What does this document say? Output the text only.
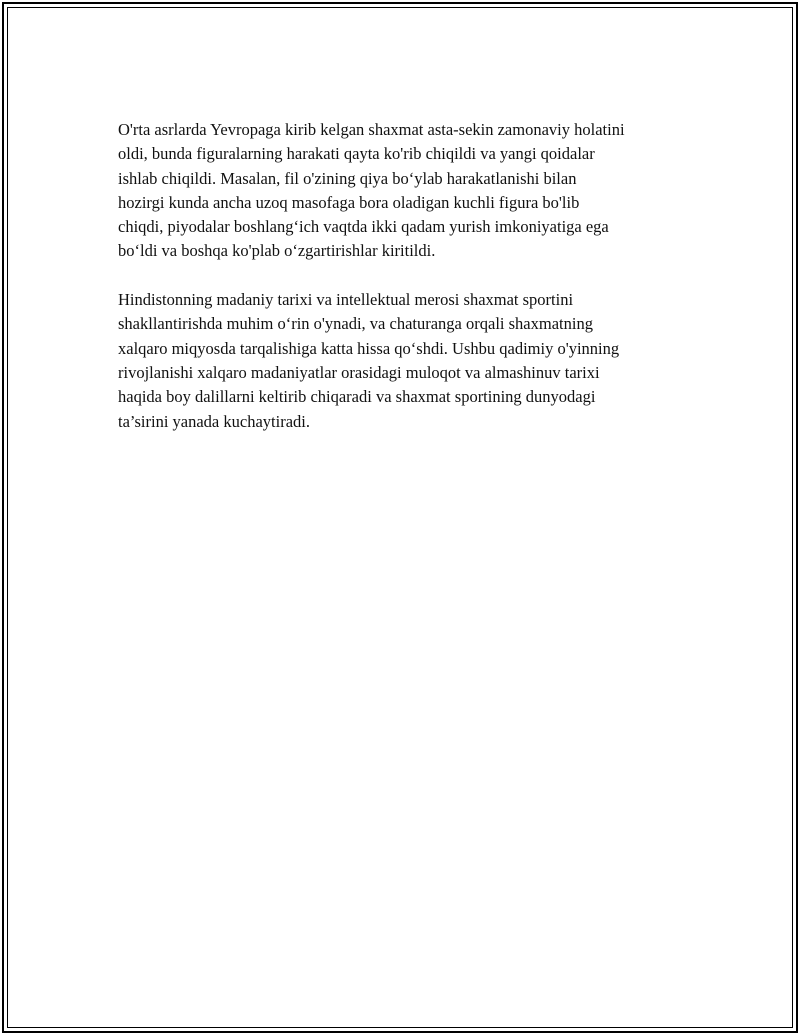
O'rta asrlarda Yevropaga kirib kelgan shaxmat asta-sekin zamonaviy holatini
oldi, bunda figuralarning harakati qayta ko'rib chiqildi va yangi qoidalar
ishlab chiqildi. Masalan, fil o'zining qiya bo‘ylab harakatlanishi bilan
hozirgi kunda ancha uzoq masofaga bora oladigan kuchli figura bo'lib
chiqdi, piyodalar boshlang‘ich vaqtda ikki qadam yurish imkoniyatiga ega
bo‘ldi va boshqa ko'plab o‘zgartirishlar kiritildi.

Hindistonning madaniy tarixi va intellektual merosi shaxmat sportini
shakllantirishda muhim o‘rin o'ynadi, va chaturanga orqali shaxmatning
xalqaro miqyosda tarqalishiga katta hissa qo‘shdi. Ushbu qadimiy o'yinning
rivojlanishi xalqaro madaniyatlar orasidagi muloqot va almashinuv tarixi
haqida boy dalillarni keltirib chiqaradi va shaxmat sportining dunyodagi
ta’sirini yanada kuchaytiradi.
